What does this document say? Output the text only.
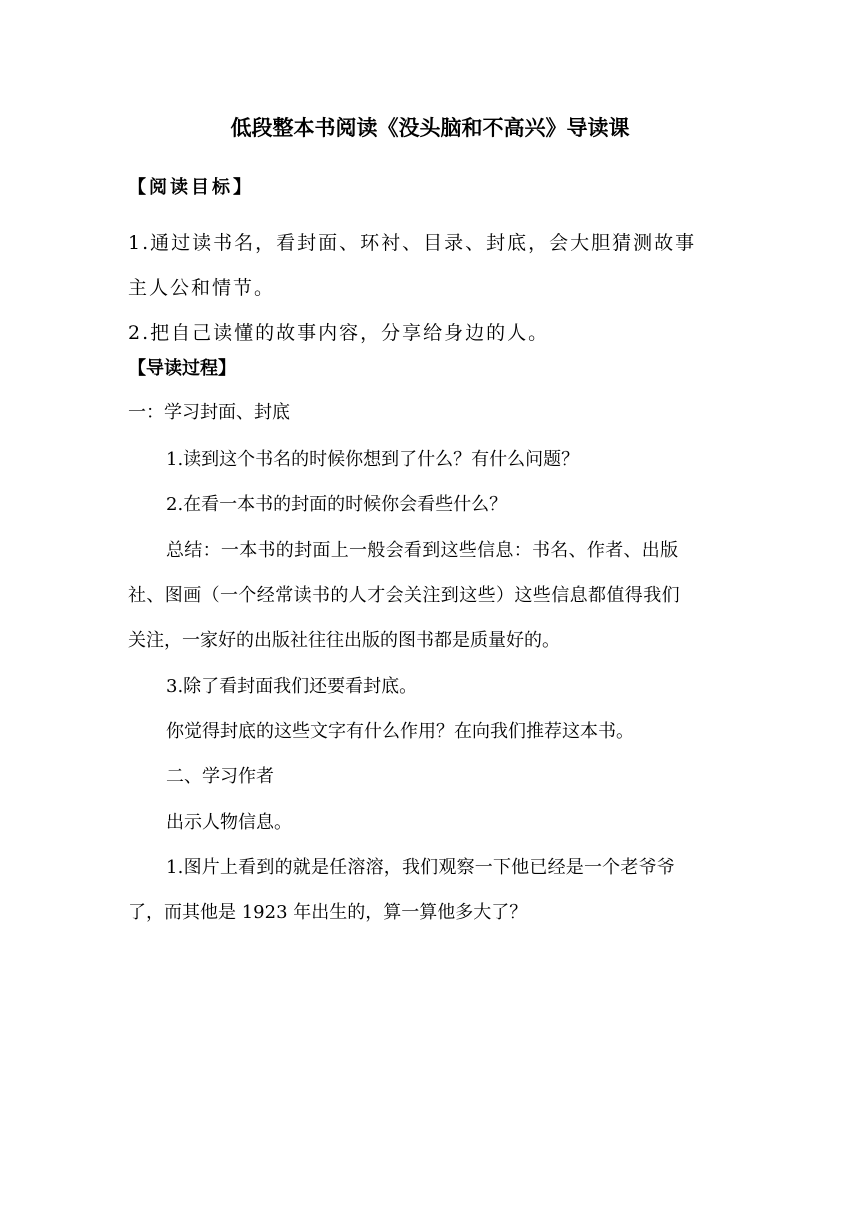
低段整本书阅读《没头脑和不高兴》导读课

【阅读目标】

1.通过读书名，看封面、环衬、目录、封底，会大胆猜测故事

主人公和情节。

2.把自己读懂的故事内容，分享给身边的人。

【导读过程】

一：学习封面、封底

1.读到这个书名的时候你想到了什么？有什么问题？

2.在看一本书的封面的时候你会看些什么？

总结：一本书的封面上一般会看到这些信息：书名、作者、出版

社、图画（一个经常读书的人才会关注到这些）这些信息都值得我们

关注，一家好的出版社往往出版的图书都是质量好的。

3.除了看封面我们还要看封底。

你觉得封底的这些文字有什么作用？在向我们推荐这本书。

二、学习作者

出示人物信息。

1.图片上看到的就是任溶溶，我们观察一下他已经是一个老爷爷

了，而其他是 1923 年出生的，算一算他多大了？
